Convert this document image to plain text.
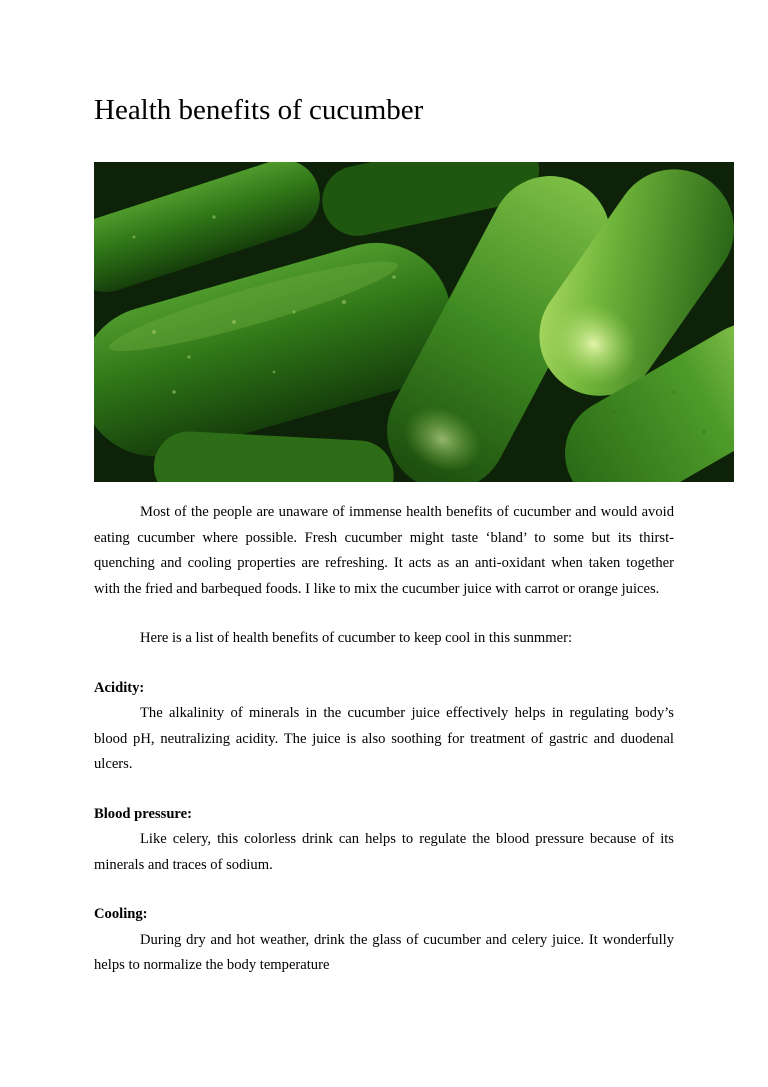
Health benefits of cucumber

Most of the people are unaware of immense health benefits of cucumber and would avoid eating cucumber where possible. Fresh cucumber might taste ‘bland’ to some but its thirst-quenching and cooling properties are refreshing. It acts as an anti-oxidant when taken together with the fried and barbequed foods. I like to mix the cucumber juice with carrot or orange juices.

Here is a list of health benefits of cucumber to keep cool in this sunmmer:

Acidity:

The alkalinity of minerals in the cucumber juice effectively helps in regulating body’s blood pH, neutralizing acidity. The juice is also soothing for treatment of gastric and duodenal ulcers.

Blood pressure:

Like celery, this colorless drink can helps to regulate the blood pressure because of its minerals and traces of sodium.

Cooling:

During dry and hot weather, drink the glass of cucumber and celery juice. It wonderfully helps to normalize the body temperature
